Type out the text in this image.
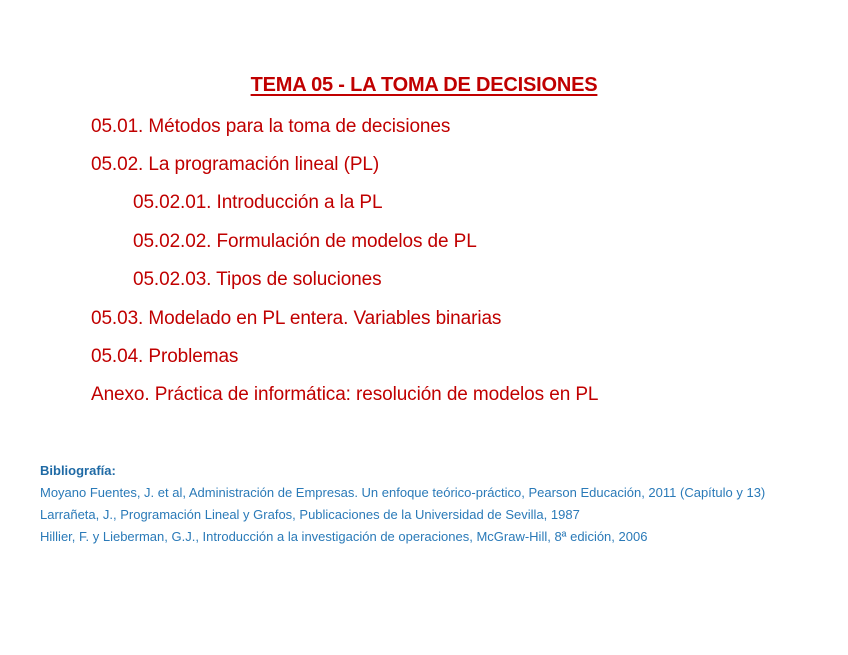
TEMA 05 - LA TOMA DE DECISIONES
05.01. Métodos para la toma de decisiones
05.02. La programación lineal (PL)
05.02.01. Introducción a la PL
05.02.02. Formulación de modelos de PL
05.02.03. Tipos de soluciones
05.03. Modelado en PL entera. Variables binarias
05.04. Problemas
Anexo. Práctica de informática: resolución de modelos en PL
Bibliografía:
Moyano Fuentes, J. et al, Administración de Empresas. Un enfoque teórico-práctico, Pearson Educación, 2011 (Capítulo y 13)
Larrañeta, J., Programación Lineal y Grafos, Publicaciones de la Universidad de Sevilla, 1987
Hillier, F. y Lieberman, G.J., Introducción a la investigación de operaciones, McGraw-Hill, 8ª edición, 2006
